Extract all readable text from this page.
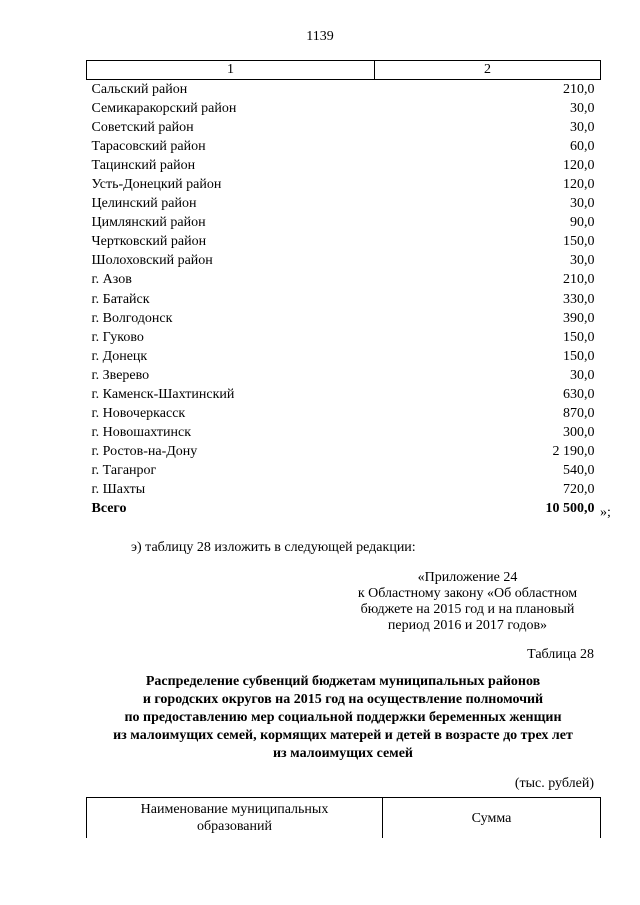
1139
1	2
Сальский район	210,0
Семикаракорский район	30,0
Советский район	30,0
Тарасовский район	60,0
Тацинский район	120,0
Усть-Донецкий район	120,0
Целинский район	30,0
Цимлянский район	90,0
Чертковский район	150,0
Шолоховский район	30,0
г. Азов	210,0
г. Батайск	330,0
г. Волгодонск	390,0
г. Гуково	150,0
г. Донецк	150,0
г. Зверево	30,0
г. Каменск-Шахтинский	630,0
г. Новочеркасск	870,0
г. Новошахтинск	300,0
г. Ростов-на-Дону	2 190,0
г. Таганрог	540,0
г. Шахты	720,0
Всего	10 500,0 »;
э) таблицу 28 изложить в следующей редакции:
«Приложение 24
к Областному закону «Об областном
бюджете на 2015 год и на плановый
период 2016 и 2017 годов»
Таблица 28
Распределение субвенций бюджетам муниципальных районов
и городских округов на 2015 год на осуществление полномочий
по предоставлению мер социальной поддержки беременных женщин
из малоимущих семей, кормящих матерей и детей в возрасте до трех лет
из малоимущих семей
(тыс. рублей)
Наименование муниципальных
образований
	Сумма
